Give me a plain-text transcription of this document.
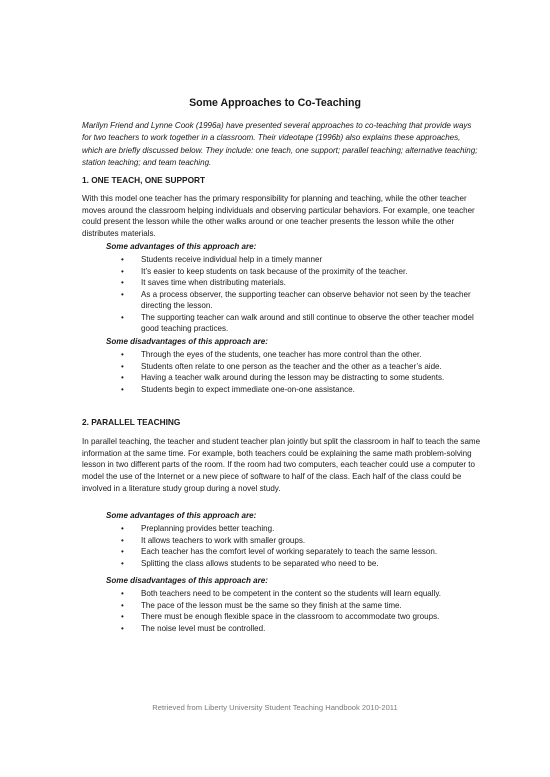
Some Approaches to Co-Teaching

Marilyn Friend and Lynne Cook (1996a) have presented several approaches to co-teaching that provide ways for two teachers to work together in a classroom. Their videotape (1996b) also explains these approaches, which are briefly discussed below. They include: one teach, one support; parallel teaching; alternative teaching; station teaching; and team teaching.

1. ONE TEACH, ONE SUPPORT

With this model one teacher has the primary responsibility for planning and teaching, while the other teacher moves around the classroom helping individuals and observing particular behaviors. For example, one teacher could present the lesson while the other walks around or one teacher presents the lesson while the other distributes materials.

Some advantages of this approach are:

• Students receive individual help in a timely manner
• It’s easier to keep students on task because of the proximity of the teacher.
• It saves time when distributing materials.
• As a process observer, the supporting teacher can observe behavior not seen by the teacher directing the lesson.
• The supporting teacher can walk around and still continue to observe the other teacher model good teaching practices.

Some disadvantages of this approach are:

• Through the eyes of the students, one teacher has more control than the other.
• Students often relate to one person as the teacher and the other as a teacher’s aide.
• Having a teacher walk around during the lesson may be distracting to some students.
• Students begin to expect immediate one-on-one assistance.

2. PARALLEL TEACHING

In parallel teaching, the teacher and student teacher plan jointly but split the classroom in half to teach the same information at the same time. For example, both teachers could be explaining the same math problem-solving lesson in two different parts of the room. If the room had two computers, each teacher could use a computer to model the use of the Internet or a new piece of software to half of the class. Each half of the class could be involved in a literature study group during a novel study.

Some advantages of this approach are:

• Preplanning provides better teaching.
• It allows teachers to work with smaller groups.
• Each teacher has the comfort level of working separately to teach the same lesson.
• Splitting the class allows students to be separated who need to be.

Some disadvantages of this approach are:

• Both teachers need to be competent in the content so the students will learn equally.
• The pace of the lesson must be the same so they finish at the same time.
• There must be enough flexible space in the classroom to accommodate two groups.
• The noise level must be controlled.
Retrieved from Liberty University Student Teaching Handbook 2010-2011
